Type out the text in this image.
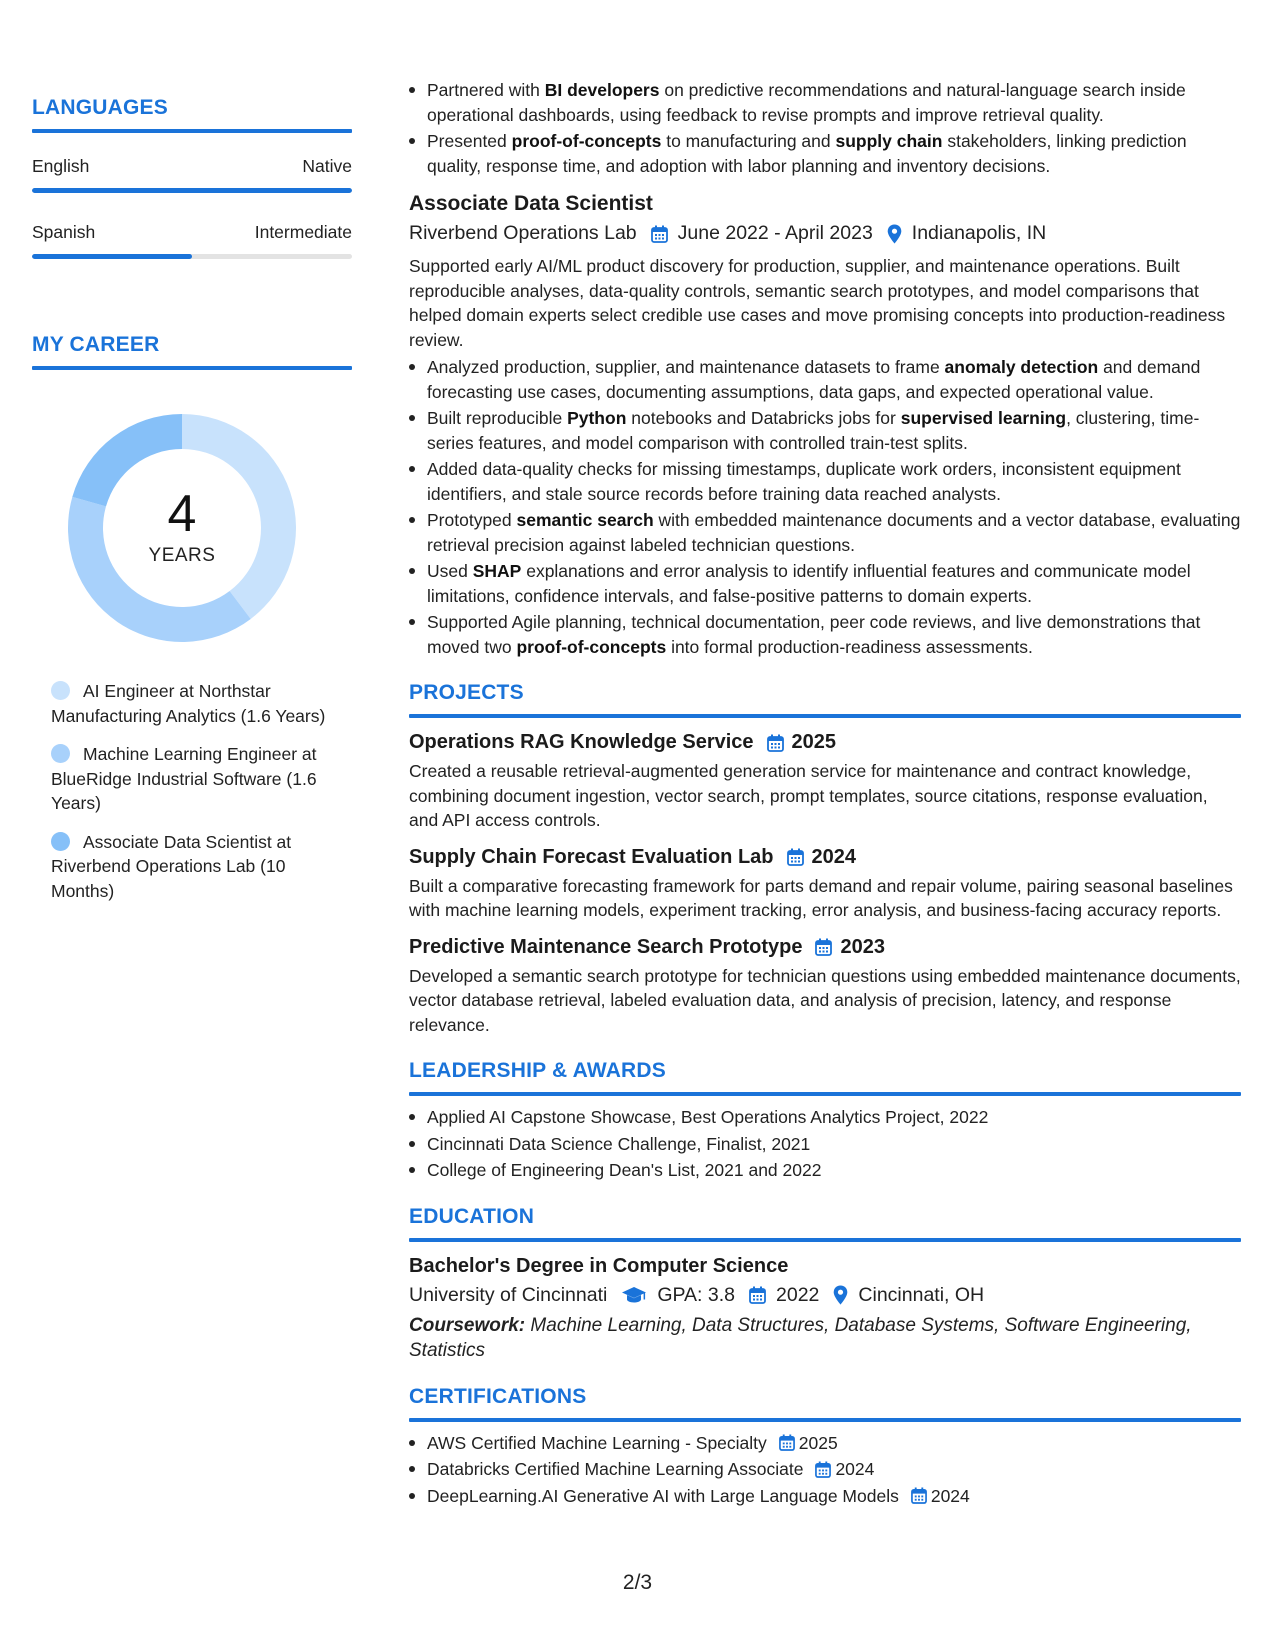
LANGUAGES
English	Native
Spanish	Intermediate
MY CAREER
4
YEARS
AI Engineer at Northstar Manufacturing Analytics (1.6 Years)
Machine Learning Engineer at BlueRidge Industrial Software (1.6 Years)
Associate Data Scientist at Riverbend Operations Lab (10 Months)
Partnered with BI developers on predictive recommendations and natural-language search inside operational dashboards, using feedback to revise prompts and improve retrieval quality.
Presented proof-of-concepts to manufacturing and supply chain stakeholders, linking prediction quality, response time, and adoption with labor planning and inventory decisions.
Associate Data Scientist
Riverbend Operations Lab June 2022 - April 2023 Indianapolis, IN
Supported early AI/ML product discovery for production, supplier, and maintenance operations. Built reproducible analyses, data-quality controls, semantic search prototypes, and model comparisons that helped domain experts select credible use cases and move promising concepts into production-readiness review.
Analyzed production, supplier, and maintenance datasets to frame anomaly detection and demand forecasting use cases, documenting assumptions, data gaps, and expected operational value.
Built reproducible Python notebooks and Databricks jobs for supervised learning, clustering, time-series features, and model comparison with controlled train-test splits.
Added data-quality checks for missing timestamps, duplicate work orders, inconsistent equipment identifiers, and stale source records before training data reached analysts.
Prototyped semantic search with embedded maintenance documents and a vector database, evaluating retrieval precision against labeled technician questions.
Used SHAP explanations and error analysis to identify influential features and communicate model limitations, confidence intervals, and false-positive patterns to domain experts.
Supported Agile planning, technical documentation, peer code reviews, and live demonstrations that moved two proof-of-concepts into formal production-readiness assessments.
PROJECTS
Operations RAG Knowledge Service 2025
Created a reusable retrieval-augmented generation service for maintenance and contract knowledge, combining document ingestion, vector search, prompt templates, source citations, response evaluation, and API access controls.
Supply Chain Forecast Evaluation Lab 2024
Built a comparative forecasting framework for parts demand and repair volume, pairing seasonal baselines with machine learning models, experiment tracking, error analysis, and business-facing accuracy reports.
Predictive Maintenance Search Prototype 2023
Developed a semantic search prototype for technician questions using embedded maintenance documents, vector database retrieval, labeled evaluation data, and analysis of precision, latency, and response relevance.
LEADERSHIP & AWARDS
Applied AI Capstone Showcase, Best Operations Analytics Project, 2022
Cincinnati Data Science Challenge, Finalist, 2021
College of Engineering Dean's List, 2021 and 2022
EDUCATION
Bachelor's Degree in Computer Science
University of Cincinnati	GPA: 3.8 2022 Cincinnati, OH
Coursework: Machine Learning, Data Structures, Database Systems, Software Engineering, Statistics
CERTIFICATIONS
AWS Certified Machine Learning - Specialty 2025
Databricks Certified Machine Learning Associate 2024
DeepLearning.AI Generative AI with Large Language Models 2024
2/3
